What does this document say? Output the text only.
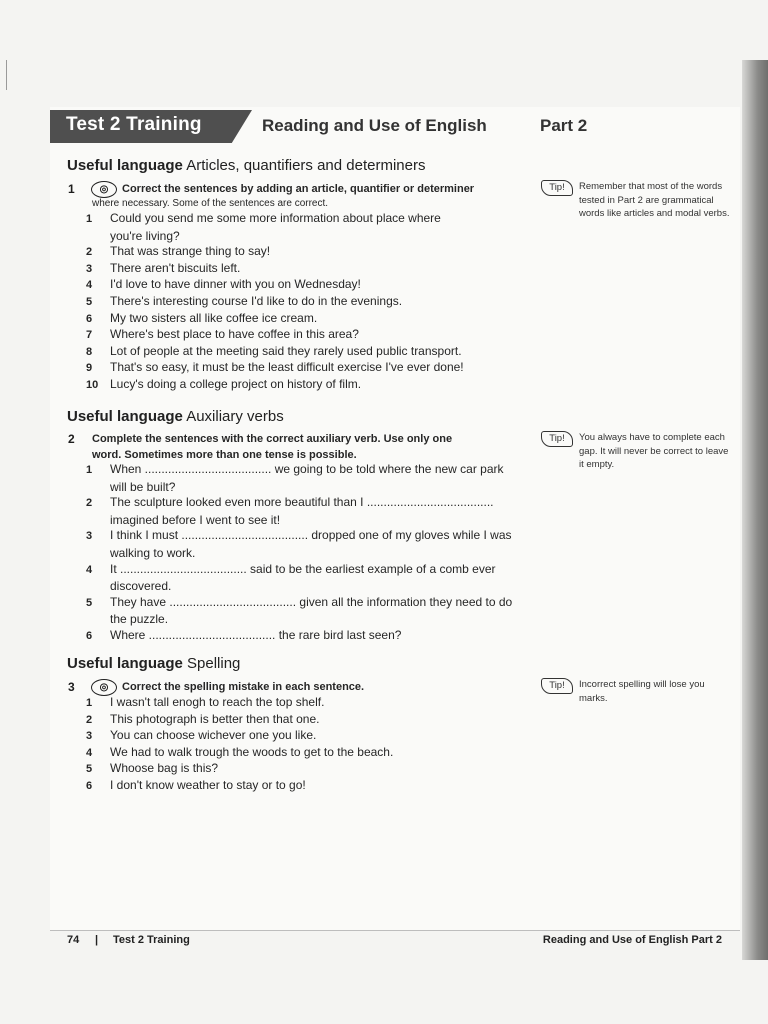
Test 2 Training	Reading and Use of English	Part 2
Useful language Articles, quantifiers and determiners
1	◎	Correct the sentences by adding an article, quantifier or determiner
where necessary. Some of the sentences are correct.
1 Could you send me some more information about place where
you're living?
2 That was strange thing to say!
3 There aren't biscuits left.
4 I'd love to have dinner with you on Wednesday!
5 There's interesting course I'd like to do in the evenings.
6 My two sisters all like coffee ice cream.
7 Where's best place to have coffee in this area?
8 Lot of people at the meeting said they rarely used public transport.
9 That's so easy, it must be the least difficult exercise I've ever done!
10 Lucy's doing a college project on history of film.
Tip!	Remember that most of the words tested in Part 2 are grammatical words like articles and modal verbs.
Useful language Auxiliary verbs
2 Complete the sentences with the correct auxiliary verb. Use only one
word. Sometimes more than one tense is possible.
1 When ...................................... we going to be told where the new car park
will be built?
2 The sculpture looked even more beautiful than I ......................................
imagined before I went to see it!
3 I think I must ...................................... dropped one of my gloves while I was
walking to work.
4 It ...................................... said to be the earliest example of a comb ever
discovered.
5 They have ...................................... given all the information they need to do
the puzzle.
6 Where ...................................... the rare bird last seen?
Tip!	You always have to complete each gap. It will never be correct to leave it empty.
Useful language Spelling
3	◎	Correct the spelling mistake in each sentence.
1 I wasn't tall enogh to reach the top shelf.
2 This photograph is better then that one.
3 You can choose wichever one you like.
4 We had to walk trough the woods to get to the beach.
5 Whoose bag is this?
6 I don't know weather to stay or to go!
Tip!	Incorrect spelling will lose you marks.
74 | Test 2 Training	Reading and Use of English Part 2
